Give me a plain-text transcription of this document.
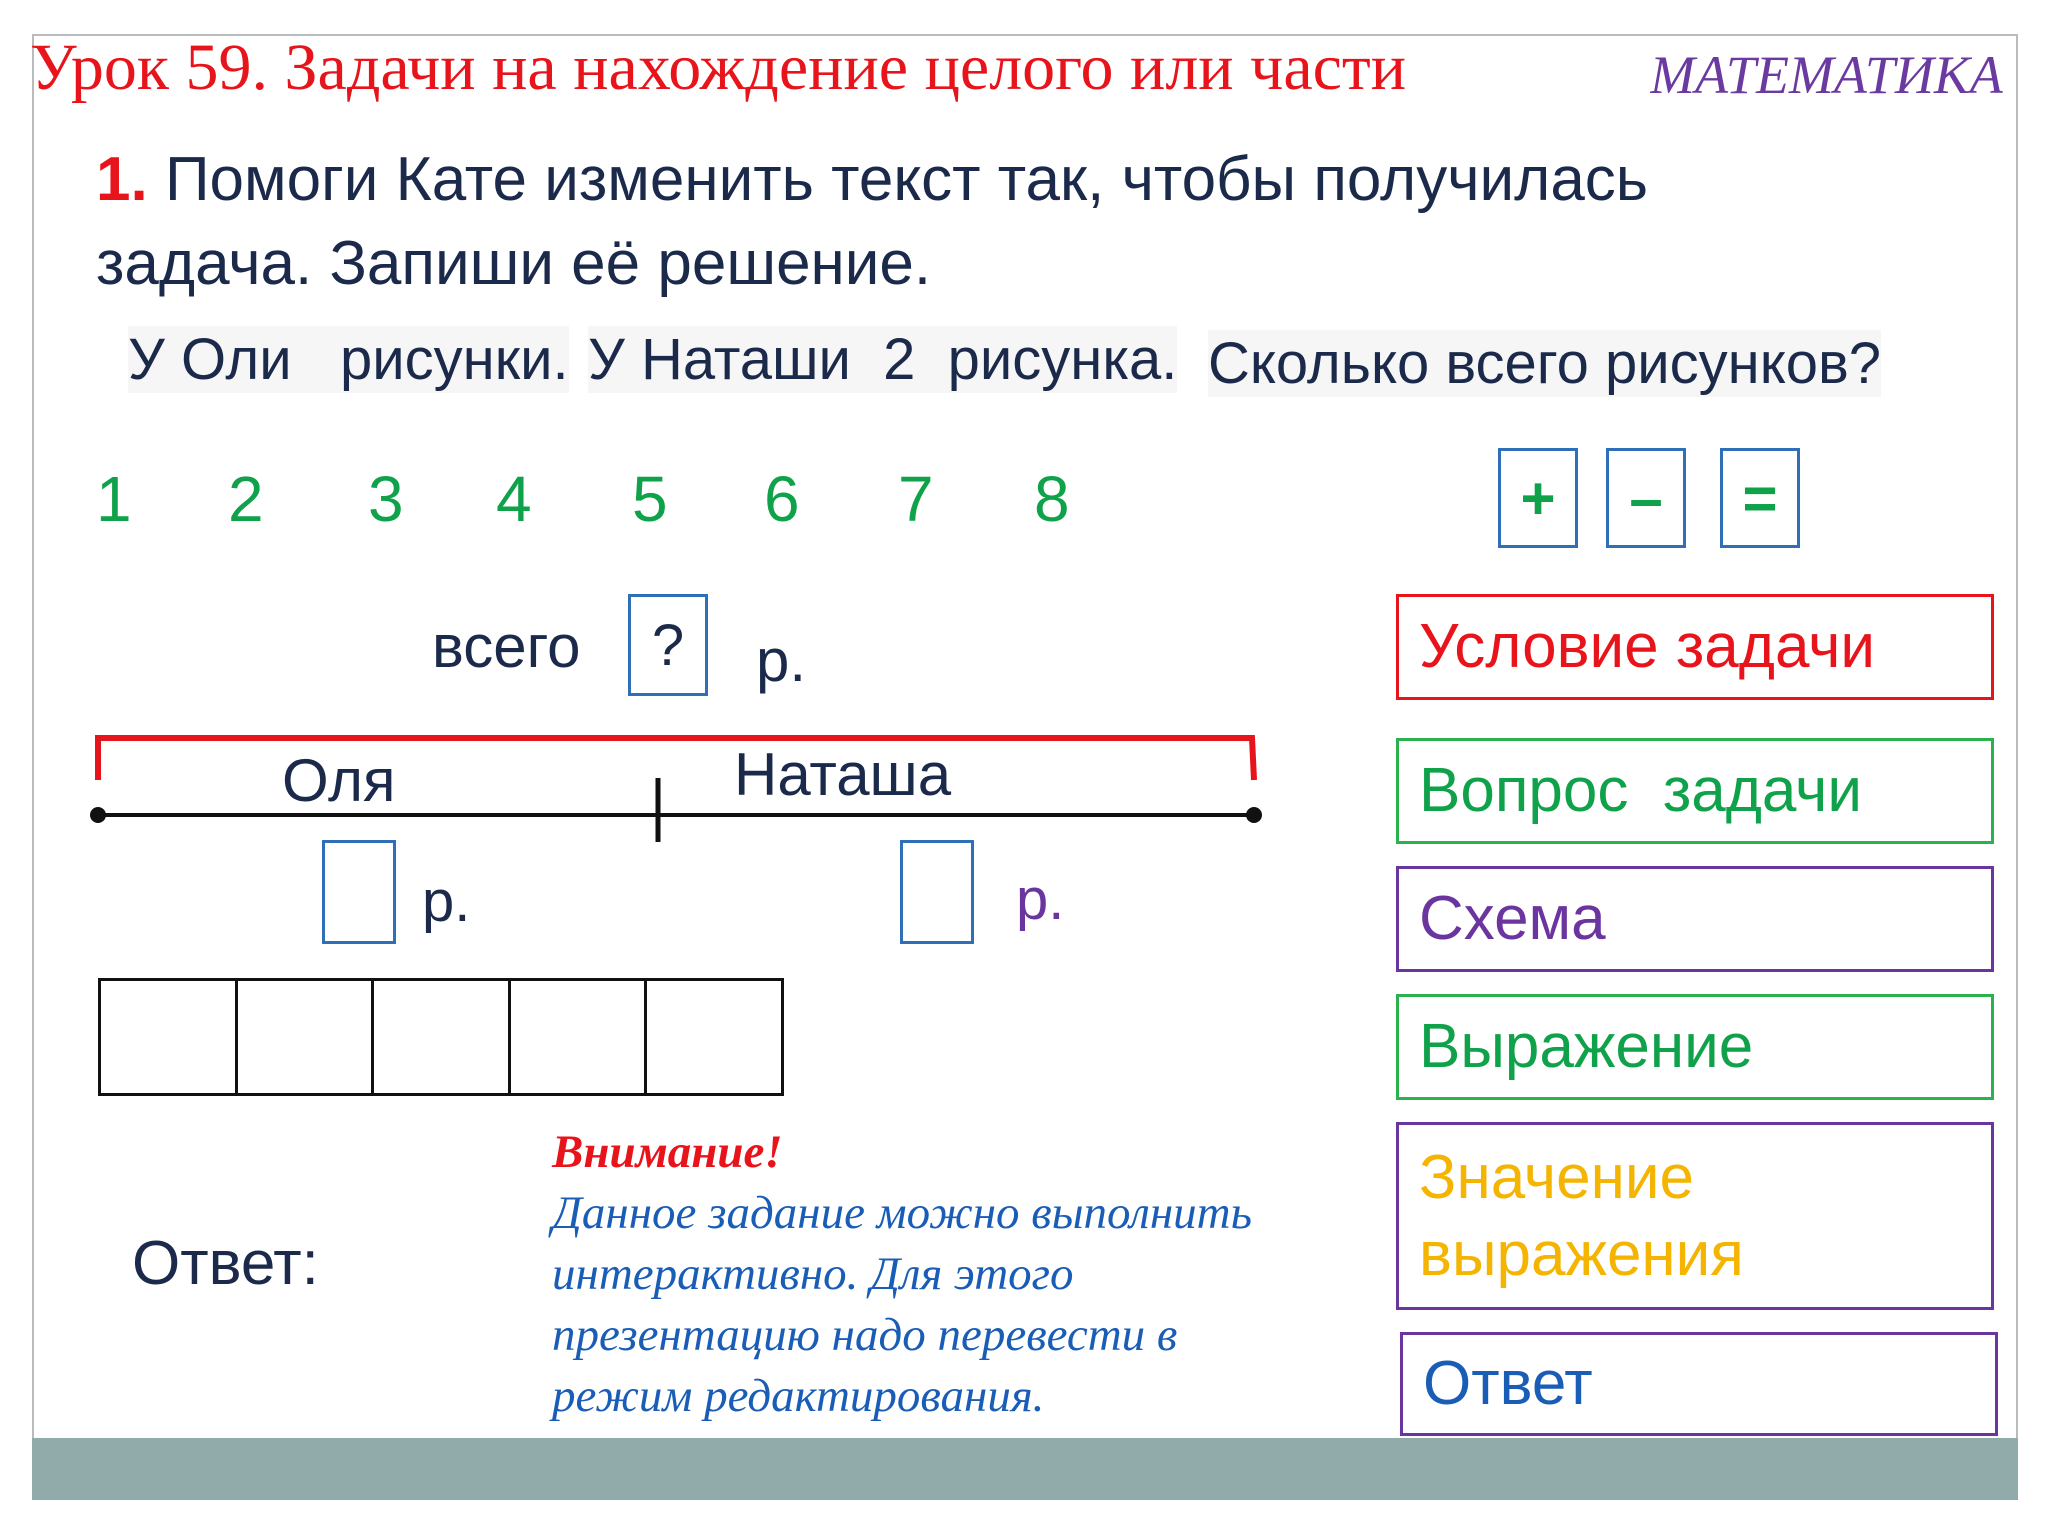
Урок 59. Задачи на нахождение целого или части	МАТЕМАТИКА
1. Помоги Кате изменить текст так, чтобы получилась
задача. Запиши её решение.
У Оли   рисунки. У Наташи  2  рисунка. Сколько всего рисунков?
1 2 3 4 5 6 7 8	+	–	=
всего ? р.
Оля	Наташа
р.	р.
Ответ:
Внимание!
Данное задание можно выполнить
интерактивно. Для этого
презентацию надо перевести в
режим редактирования.
Условие задачи
Вопрос  задачи
Схема
Выражение
Значение
выражения
Ответ
